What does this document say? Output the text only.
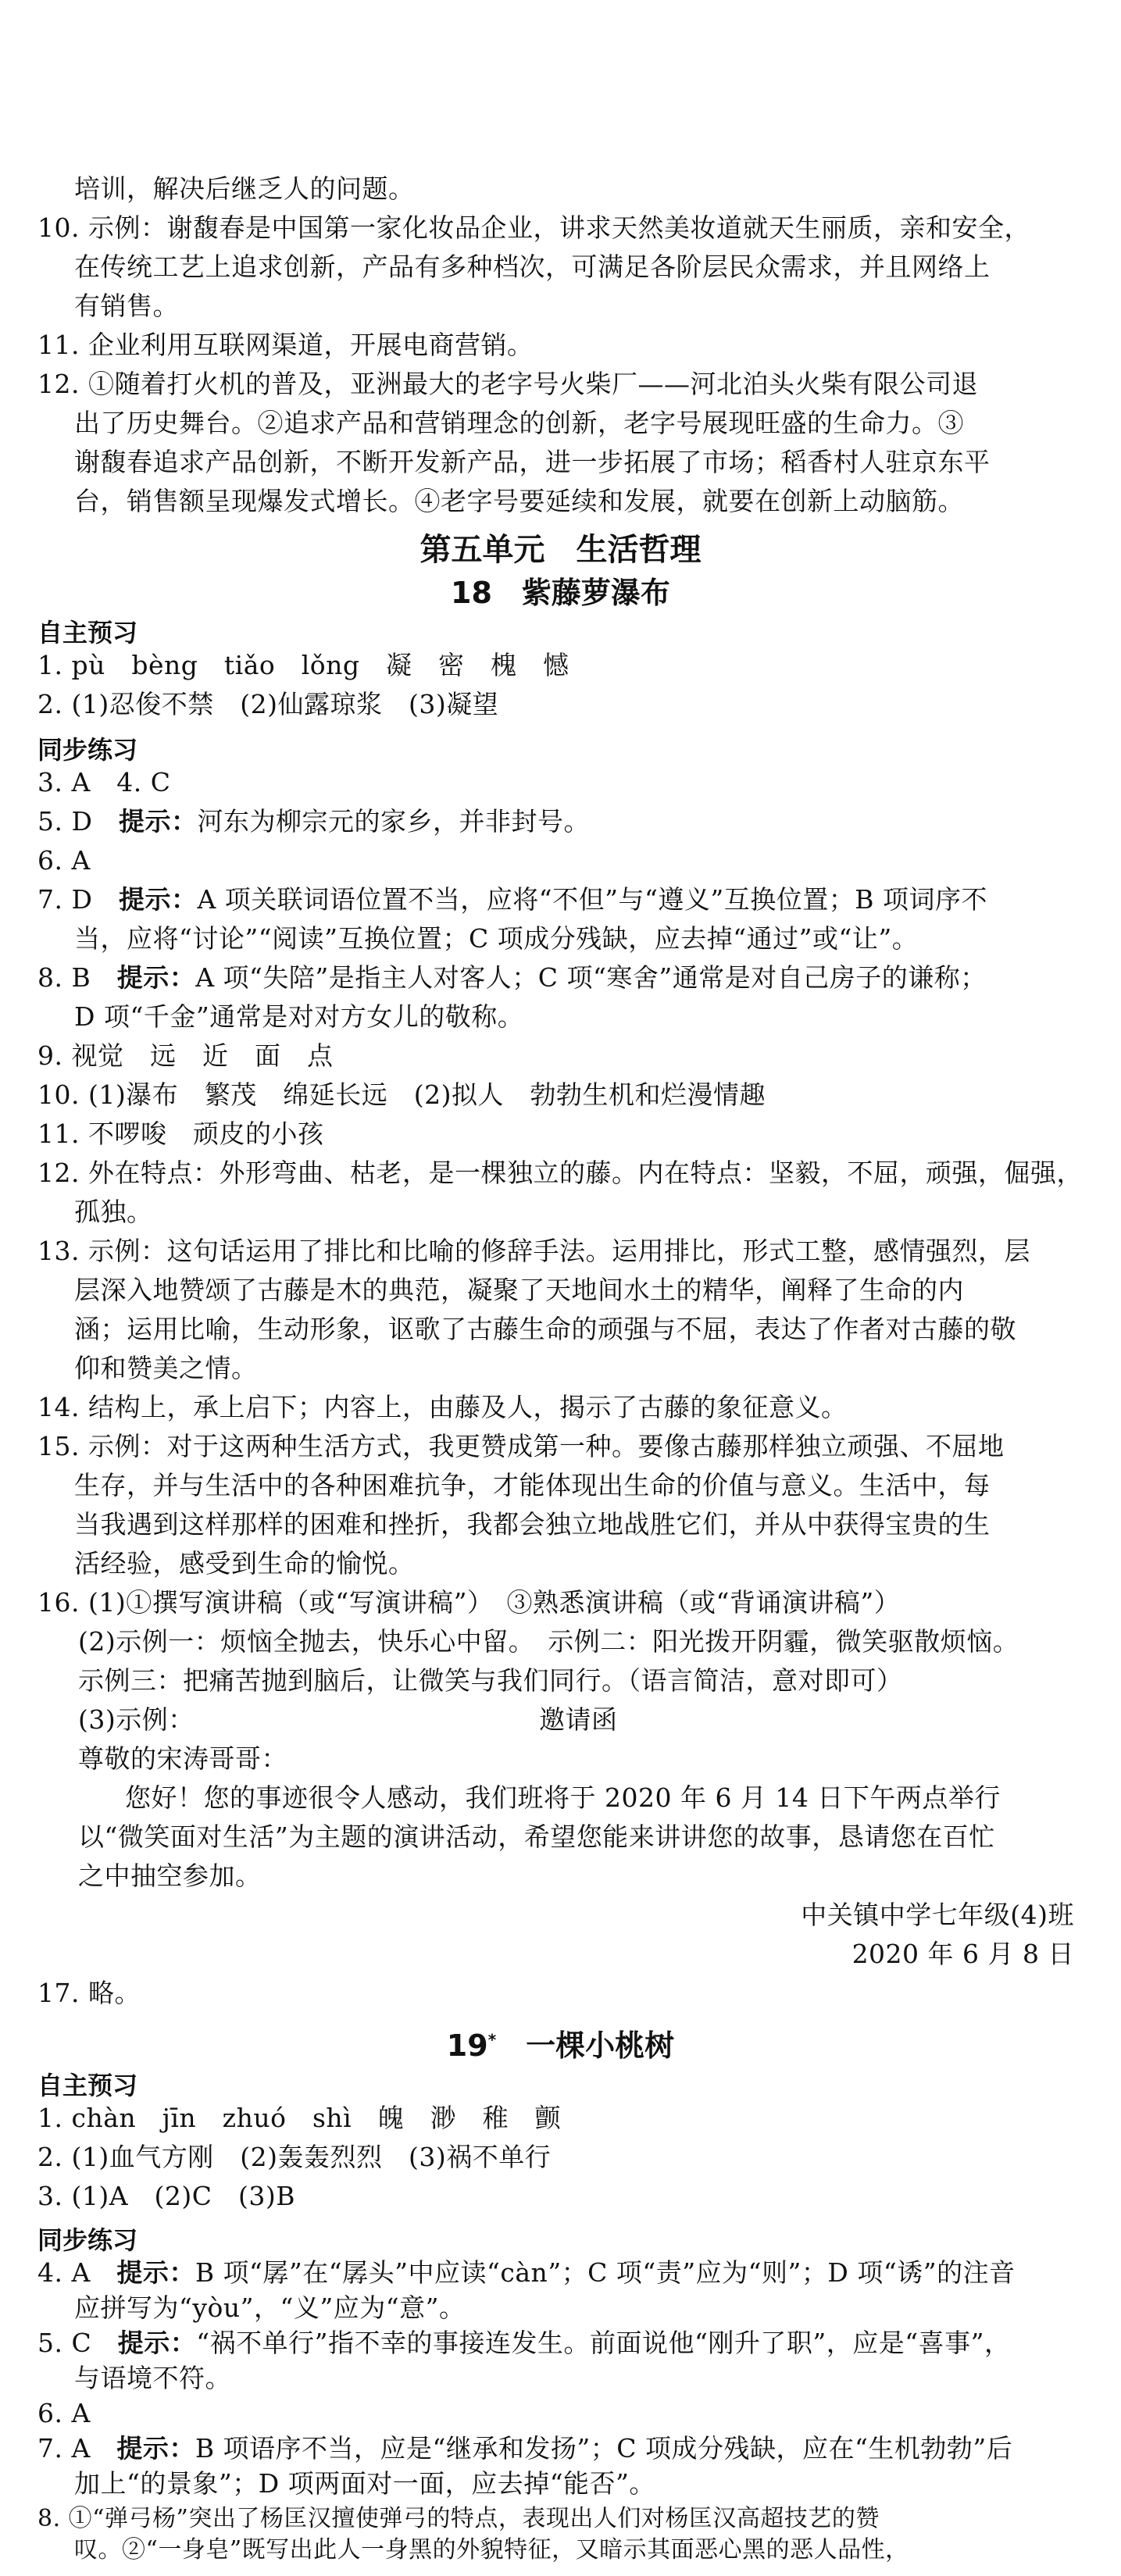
培训，解决后继乏人的问题。
10. 示例：谢馥春是中国第一家化妆品企业，讲求天然美妆道就天生丽质，亲和安全，
在传统工艺上追求创新，产品有多种档次，可满足各阶层民众需求，并且网络上
有销售。
11. 企业利用互联网渠道，开展电商营销。
12. ①随着打火机的普及，亚洲最大的老字号火柴厂——河北泊头火柴有限公司退
出了历史舞台。②追求产品和营销理念的创新，老字号展现旺盛的生命力。③
谢馥春追求产品创新，不断开发新产品，进一步拓展了市场；稻香村人驻京东平
台，销售额呈现爆发式增长。④老字号要延续和发展，就要在创新上动脑筋。
第五单元　生活哲理
18　紫藤萝瀑布
自主预习
1. pù　bèng　tiǎo　lǒng　凝　密　槐　憾
2. (1)忍俊不禁　(2)仙露琼浆　(3)凝望
同步练习
3. A　4. C
5. D　提示：河东为柳宗元的家乡，并非封号。
6. A
7. D　提示：A 项关联词语位置不当，应将“不但”与“遵义”互换位置；B 项词序不
当，应将“讨论”“阅读”互换位置；C 项成分残缺，应去掉“通过”或“让”。
8. B　提示：A 项“失陪”是指主人对客人；C 项“寒舍”通常是对自己房子的谦称；
D 项“千金”通常是对对方女儿的敬称。
9. 视觉　远　近　面　点
10. (1)瀑布　繁茂　绵延长远　(2)拟人　勃勃生机和烂漫情趣
11. 不啰唆　顽皮的小孩
12. 外在特点：外形弯曲、枯老，是一棵独立的藤。内在特点：坚毅，不屈，顽强，倔强，
孤独。
13. 示例：这句话运用了排比和比喻的修辞手法。运用排比，形式工整，感情强烈，层
层深入地赞颂了古藤是木的典范，凝聚了天地间水土的精华，阐释了生命的内
涵；运用比喻，生动形象，讴歌了古藤生命的顽强与不屈，表达了作者对古藤的敬
仰和赞美之情。
14. 结构上，承上启下；内容上，由藤及人，揭示了古藤的象征意义。
15. 示例：对于这两种生活方式，我更赞成第一种。要像古藤那样独立顽强、不屈地
生存，并与生活中的各种困难抗争，才能体现出生命的价值与意义。生活中，每
当我遇到这样那样的困难和挫折，我都会独立地战胜它们，并从中获得宝贵的生
活经验，感受到生命的愉悦。
16. (1)①撰写演讲稿（或“写演讲稿”）　③熟悉演讲稿（或“背诵演讲稿”）
(2)示例一：烦恼全抛去，快乐心中留。　示例二：阳光拨开阴霾，微笑驱散烦恼。
示例三：把痛苦抛到脑后，让微笑与我们同行。（语言简洁，意对即可）
(3)示例：	邀请函
尊敬的宋涛哥哥：
您好！您的事迹很令人感动，我们班将于 2020 年 6 月 14 日下午两点举行
以“微笑面对生活”为主题的演讲活动，希望您能来讲讲您的故事，恳请您在百忙
之中抽空参加。
中关镇中学七年级(4)班
2020 年 6 月 8 日
17. 略。
19*　 一棵小桃树
自主预习
1. chàn　jīn　zhuó　shì　魄　渺　稚　颤
2. (1)血气方刚　(2)轰轰烈烈　(3)祸不单行
3. (1)A　(2)C　(3)B
同步练习
4. A　提示：B 项“孱”在“孱头”中应读“càn”；C 项“责”应为“则”；D 项“诱”的注音
应拼写为“yòu”，“义”应为“意”。
5. C　提示：“祸不单行”指不幸的事接连发生。前面说他“刚升了职”，应是“喜事”，
与语境不符。
6. A
7. A　提示：B 项语序不当，应是“继承和发扬”；C 项成分残缺，应在“生机勃勃”后
加上“的景象”；D 项两面对一面，应去掉“能否”。
8. ①“弹弓杨”突出了杨匡汉擅使弹弓的特点，表现出人们对杨匡汉高超技艺的赞
叹。②“一身皂”既写出此人一身黑的外貌特征，又暗示其面恶心黑的恶人品性，
